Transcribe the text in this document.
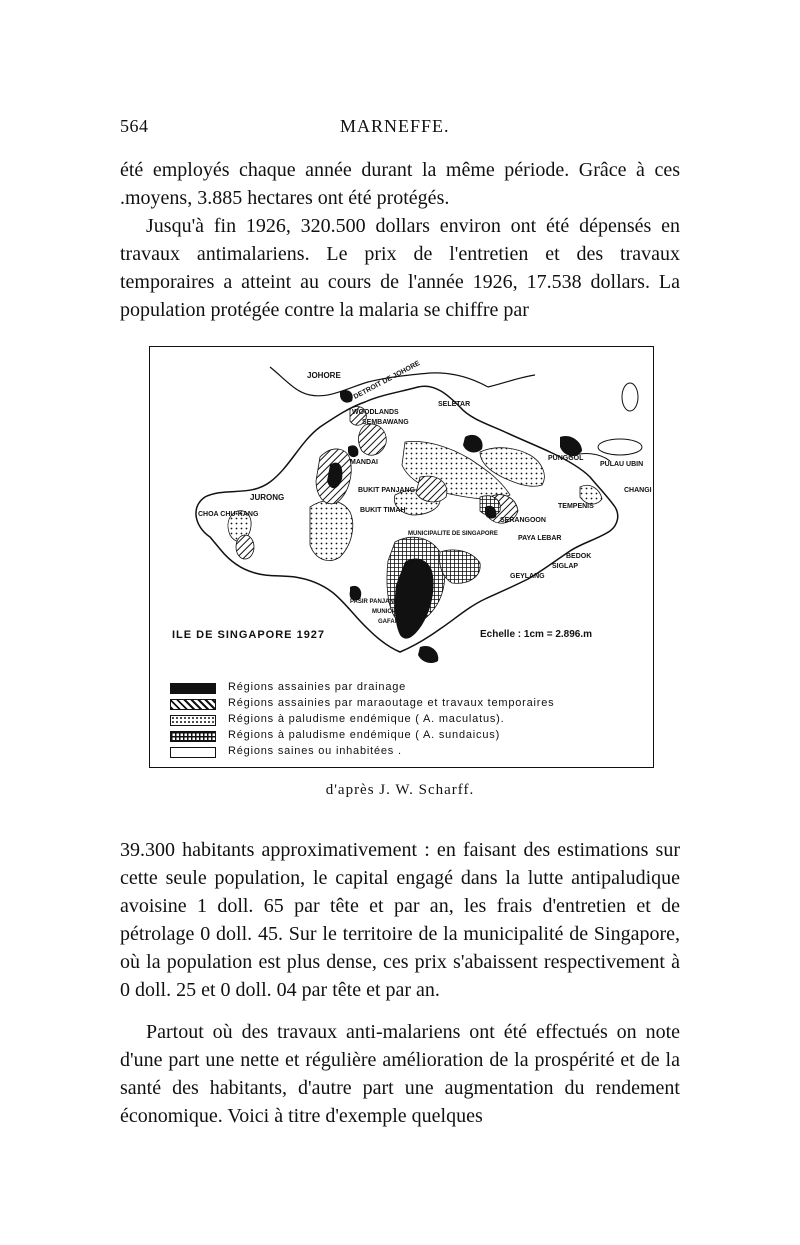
564	MARNEFFE.

été employés chaque année durant la même période. Grâce à ces .moyens, 3.885 hectares ont été protégés.

Jusqu'à fin 1926, 320.500 dollars environ ont été dépensés en travaux antimalariens. Le prix de l'entretien et des travaux temporaires a atteint au cours de l'année 1926, 17.538 dollars. La population protégée contre la malaria se chiffre par

JOHORE DETROIT DE JOHORE
SELETAR
WOODLANDS
SEMBAWANG
MANDAI
PUNGGOL
PULAU UBIN
CHANGI
JURONG
CHOA CHU-KANG
BUKIT PANJANG
BUKIT TIMAH
TEMPENIS
SERANGOON
PAYA LEBAR
MUNICIPALITE DE SINGAPORE
BEDOK
SIGLAP
GEYLANG
PASIR PANJANG
MUNICIPAL CITY
GAFANG
ILE DE SINGAPORE 1927	Echelle : 1cm = 2.896.m
Régions assainies par drainage
Régions assainies par maraoutage et travaux temporaires
Régions à paludisme endémique ( A. maculatus).
Régions à paludisme endémique ( A. sundaicus)
Régions saines ou inhabitées .
d'après J. W. Scharff.

39.300 habitants approximativement : en faisant des estimations sur cette seule population, le capital engagé dans la lutte antipaludique avoisine 1 doll. 65 par tête et par an, les frais d'entretien et de pétrolage 0 doll. 45. Sur le territoire de la municipalité de Singapore, où la population est plus dense, ces prix s'abaissent respectivement à 0 doll. 25 et 0 doll. 04 par tête et par an.

Partout où des travaux anti-malariens ont été effectués on note d'une part une nette et régulière amélioration de la prospérité et de la santé des habitants, d'autre part une augmentation du rendement économique. Voici à titre d'exemple quelques
